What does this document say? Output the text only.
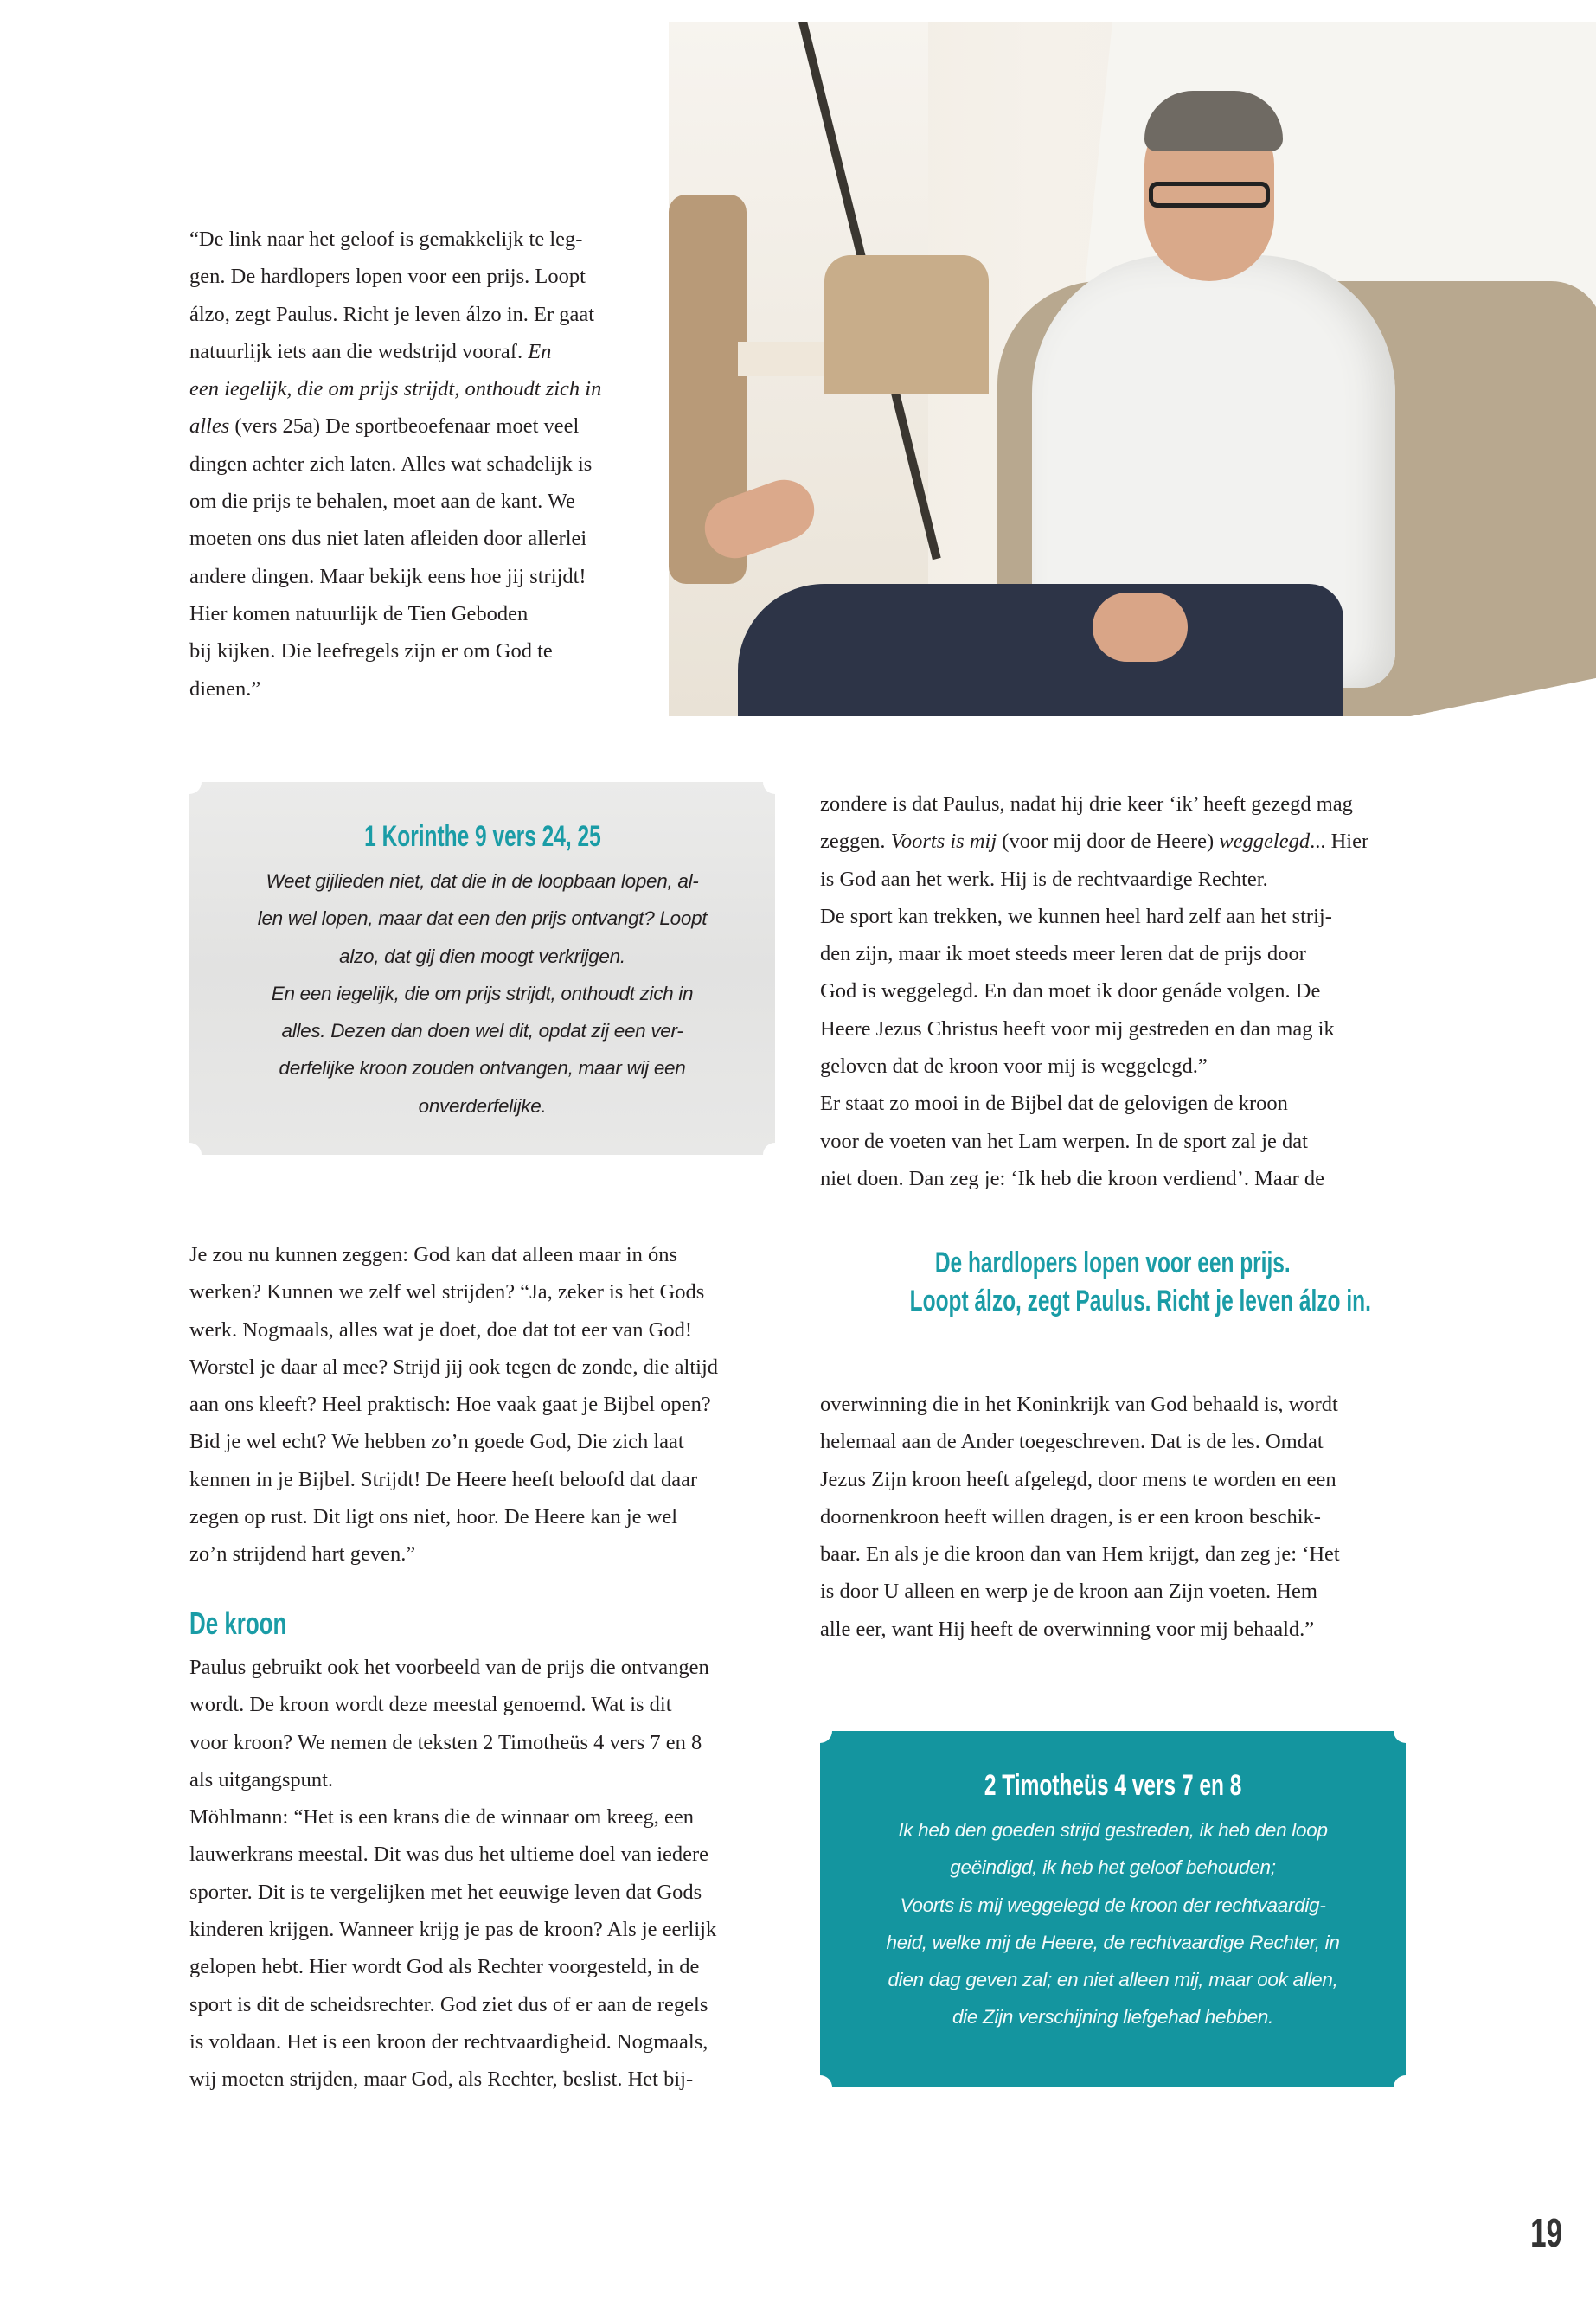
“De link naar het geloof is gemakkelijk te leg-
gen. De hardlopers lopen voor een prijs. Loopt
álzo, zegt Paulus. Richt je leven álzo in. Er gaat
natuurlijk iets aan die wedstrijd vooraf. En
een iegelijk, die om prijs strijdt, onthoudt zich in
alles (vers 25a) De sportbeoefenaar moet veel
dingen achter zich laten. Alles wat schadelijk is
om die prijs te behalen, moet aan de kant. We
moeten ons dus niet laten afleiden door allerlei
andere dingen. Maar bekijk eens hoe jij strijdt!
Hier komen natuurlijk de Tien Geboden
bij kijken. Die leefregels zijn er om God te
dienen.”
1 Korinthe 9 vers 24, 25
Weet gijlieden niet, dat die in de loopbaan lopen, al-
len wel lopen, maar dat een den prijs ontvangt? Loopt
alzo, dat gij dien moogt verkrijgen.
En een iegelijk, die om prijs strijdt, onthoudt zich in
alles. Dezen dan doen wel dit, opdat zij een ver-
derfelijke kroon zouden ontvangen, maar wij een
onverderfelijke.
zondere is dat Paulus, nadat hij drie keer ‘ik’ heeft gezegd mag
zeggen. Voorts is mij (voor mij door de Heere) weggelegd... Hier
is God aan het werk. Hij is de rechtvaardige Rechter.
De sport kan trekken, we kunnen heel hard zelf aan het strij-
den zijn, maar ik moet steeds meer leren dat de prijs door
God is weggelegd. En dan moet ik door genáde volgen. De
Heere Jezus Christus heeft voor mij gestreden en dan mag ik
geloven dat de kroon voor mij is weggelegd.”
Er staat zo mooi in de Bijbel dat de gelovigen de kroon
voor de voeten van het Lam werpen. In de sport zal je dat
niet doen. Dan zeg je: ‘Ik heb die kroon verdiend’. Maar de
De hardlopers lopen voor een prijs.
Loopt álzo, zegt Paulus. Richt je leven álzo in.
Je zou nu kunnen zeggen: God kan dat alleen maar in óns
werken? Kunnen we zelf wel strijden? “Ja, zeker is het Gods
werk. Nogmaals, alles wat je doet, doe dat tot eer van God!
Worstel je daar al mee? Strijd jij ook tegen de zonde, die altijd
aan ons kleeft? Heel praktisch: Hoe vaak gaat je Bijbel open?
Bid je wel echt? We hebben zo’n goede God, Die zich laat
kennen in je Bijbel. Strijdt! De Heere heeft beloofd dat daar
zegen op rust. Dit ligt ons niet, hoor. De Heere kan je wel
zo’n strijdend hart geven.”
De kroon
Paulus gebruikt ook het voorbeeld van de prijs die ontvangen
wordt. De kroon wordt deze meestal genoemd. Wat is dit
voor kroon? We nemen de teksten 2 Timotheüs 4 vers 7 en 8
als uitgangspunt.
Möhlmann: “Het is een krans die de winnaar om kreeg, een
lauwerkrans meestal. Dit was dus het ultieme doel van iedere
sporter. Dit is te vergelijken met het eeuwige leven dat Gods
kinderen krijgen. Wanneer krijg je pas de kroon? Als je eerlijk
gelopen hebt. Hier wordt God als Rechter voorgesteld, in de
sport is dit de scheidsrechter. God ziet dus of er aan de regels
is voldaan. Het is een kroon der rechtvaardigheid. Nogmaals,
wij moeten strijden, maar God, als Rechter, beslist. Het bij-
overwinning die in het Koninkrijk van God behaald is, wordt
helemaal aan de Ander toegeschreven. Dat is de les. Omdat
Jezus Zijn kroon heeft afgelegd, door mens te worden en een
doornenkroon heeft willen dragen, is er een kroon beschik-
baar. En als je die kroon dan van Hem krijgt, dan zeg je: ‘Het
is door U alleen en werp je de kroon aan Zijn voeten. Hem
alle eer, want Hij heeft de overwinning voor mij behaald.”
2 Timotheüs 4 vers 7 en 8
Ik heb den goeden strijd gestreden, ik heb den loop
geëindigd, ik heb het geloof behouden;
Voorts is mij weggelegd de kroon der rechtvaardig-
heid, welke mij de Heere, de rechtvaardige Rechter, in
dien dag geven zal; en niet alleen mij, maar ook allen,
die Zijn verschijning liefgehad hebben.
19
